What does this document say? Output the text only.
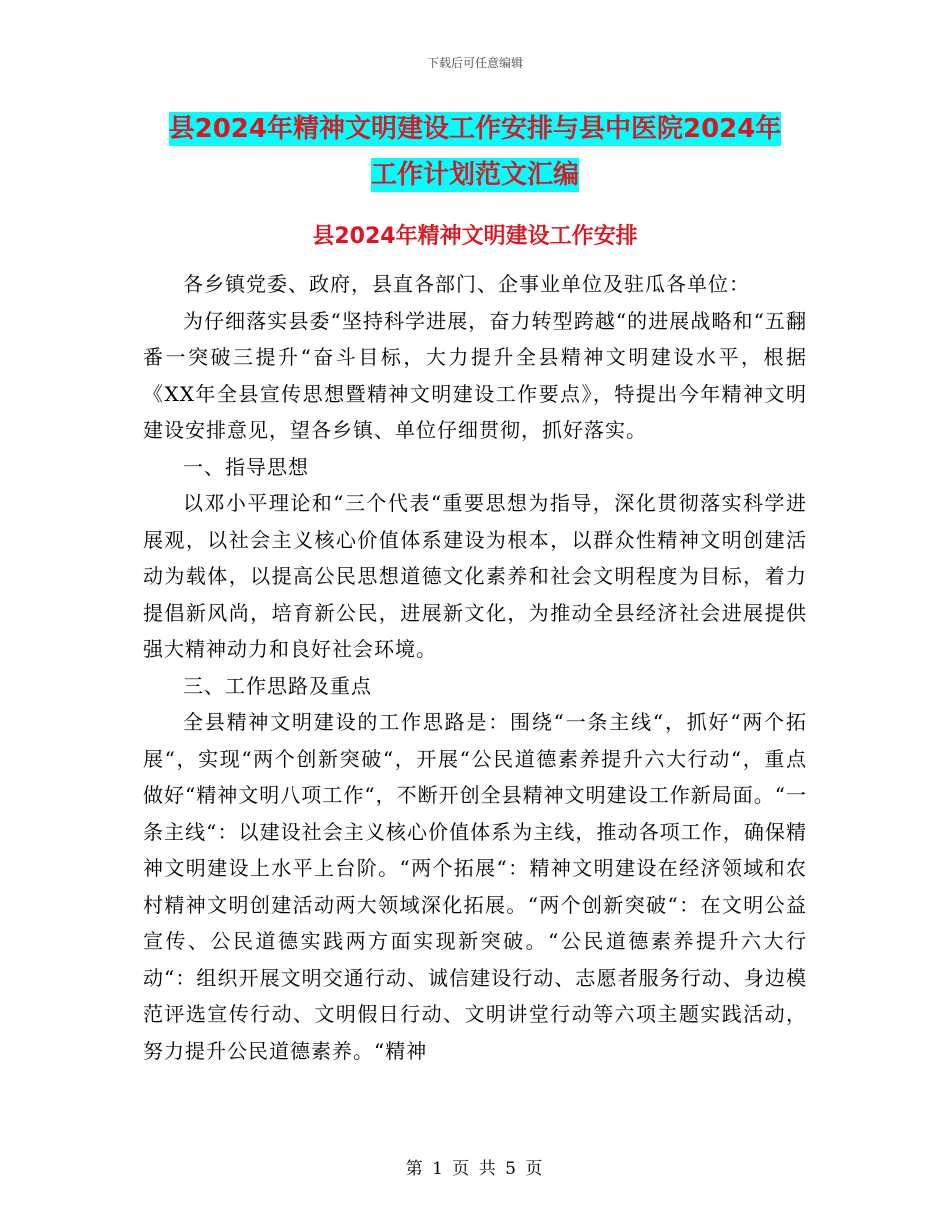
下载后可任意编辑
县2024年精神文明建设工作安排与县中医院2024年
工作计划范文汇编
县2024年精神文明建设工作安排

各乡镇党委、政府，县直各部门、企事业单位及驻瓜各单位：

为仔细落实县委“坚持科学进展，奋力转型跨越“的进展战略和“五翻番一突破三提升“奋斗目标，大力提升全县精神文明建设水平，根据《XX年全县宣传思想暨精神文明建设工作要点》，特提出今年精神文明建设安排意见，望各乡镇、单位仔细贯彻，抓好落实。

一、指导思想

以邓小平理论和“三个代表“重要思想为指导，深化贯彻落实科学进展观，以社会主义核心价值体系建设为根本，以群众性精神文明创建活动为载体，以提高公民思想道德文化素养和社会文明程度为目标，着力提倡新风尚，培育新公民，进展新文化，为推动全县经济社会进展提供强大精神动力和良好社会环境。

三、工作思路及重点

全县精神文明建设的工作思路是：围绕“一条主线“，抓好“两个拓展“，实现“两个创新突破“，开展“公民道德素养提升六大行动“，重点做好“精神文明八项工作“，不断开创全县精神文明建设工作新局面。“一条主线“：以建设社会主义核心价值体系为主线，推动各项工作，确保精神文明建设上水平上台阶。“两个拓展“：精神文明建设在经济领域和农村精神文明创建活动两大领域深化拓展。“两个创新突破“：在文明公益宣传、公民道德实践两方面实现新突破。“公民道德素养提升六大行动“：组织开展文明交通行动、诚信建设行动、志愿者服务行动、身边模范评选宣传行动、文明假日行动、文明讲堂行动等六项主题实践活动，努力提升公民道德素养。“精神

第 1 页 共 5 页
